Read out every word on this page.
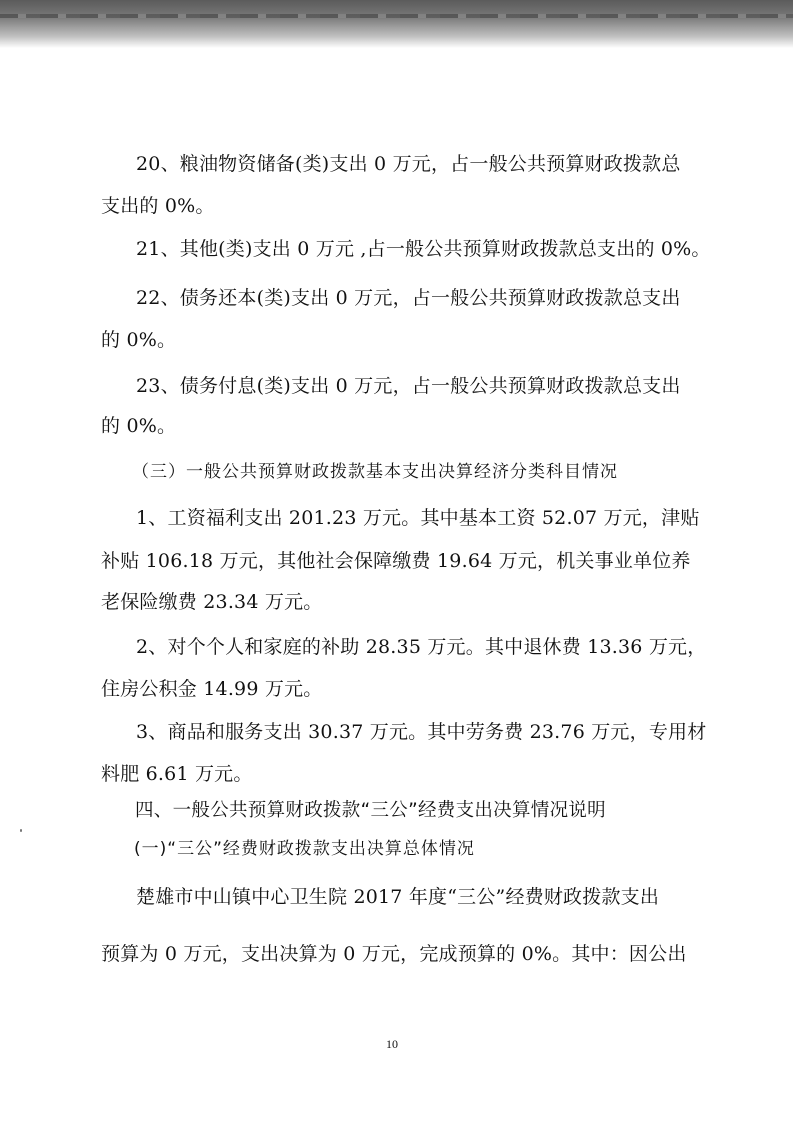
20、粮油物资储备(类)支出 0 万元，占一般公共预算财政拨款总
支出的 0%。
21、其他(类)支出 0 万元 ,占一般公共预算财政拨款总支出的 0%。
22、债务还本(类)支出 0 万元，占一般公共预算财政拨款总支出
的 0%。
23、债务付息(类)支出 0 万元，占一般公共预算财政拨款总支出
的 0%。
（三）一般公共预算财政拨款基本支出决算经济分类科目情况
1、工资福利支出 201.23 万元。其中基本工资 52.07 万元，津贴
补贴 106.18 万元，其他社会保障缴费 19.64 万元，机关事业单位养
老保险缴费 23.34 万元。
2、对个个人和家庭的补助 28.35 万元。其中退休费 13.36 万元，
住房公积金 14.99 万元。
3、商品和服务支出 30.37 万元。其中劳务费 23.76 万元，专用材
料肥 6.61 万元。
四、一般公共预算财政拨款“三公”经费支出决算情况说明
(一)“三公”经费财政拨款支出决算总体情况
楚雄市中山镇中心卫生院 2017 年度“三公”经费财政拨款支出
预算为 0 万元，支出决算为 0 万元，完成预算的 0%。其中：因公出
10
